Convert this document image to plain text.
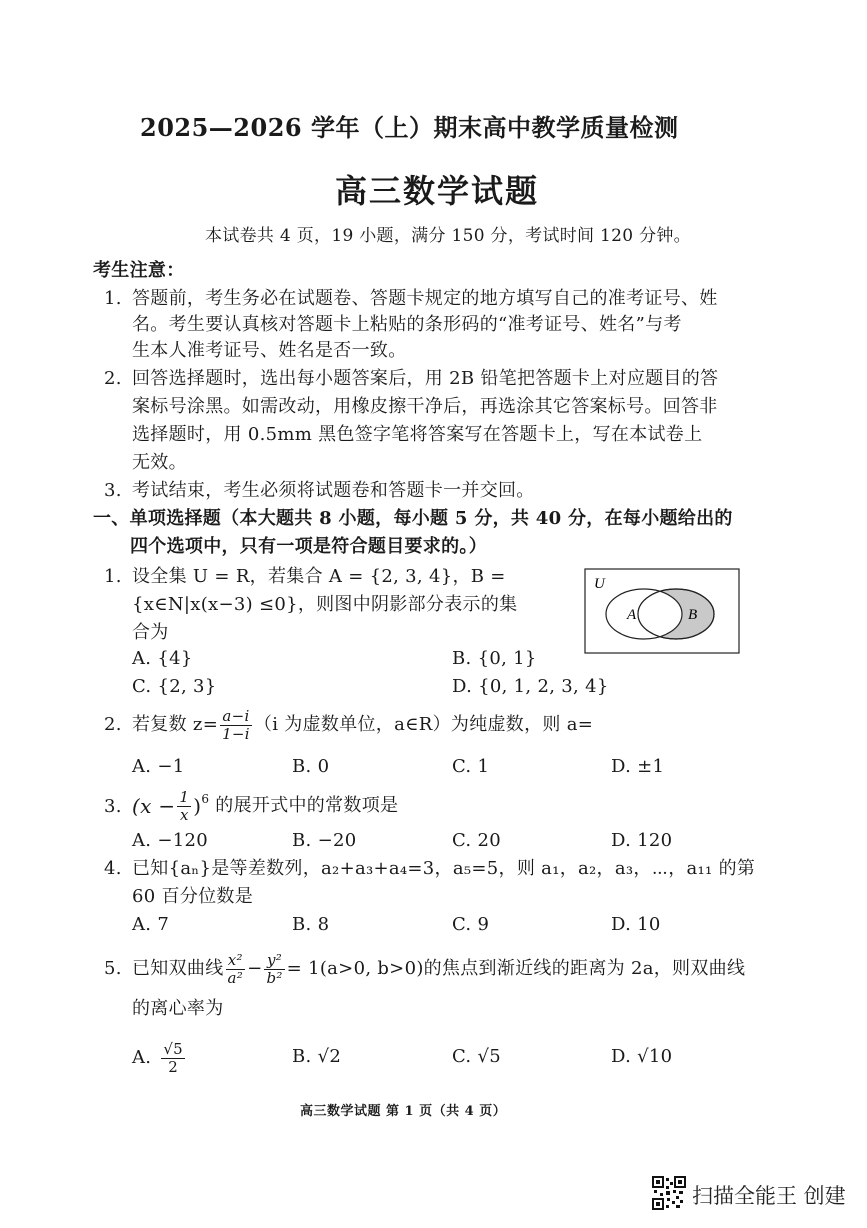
2025—2026 学年（上）期末高中教学质量检测
高三数学试题
本试卷共 4 页，19 小题，满分 150 分，考试时间 120 分钟。
考生注意：
1. 答题前，考生务必在试题卷、答题卡规定的地方填写自己的准考证号、姓
名。考生要认真核对答题卡上粘贴的条形码的“准考证号、姓名”与考
生本人准考证号、姓名是否一致。
2. 回答选择题时，选出每小题答案后，用 2B 铅笔把答题卡上对应题目的答
案标号涂黑。如需改动，用橡皮擦干净后，再选涂其它答案标号。回答非
选择题时，用 0.5mm 黑色签字笔将答案写在答题卡上，写在本试卷上
无效。
3. 考试结束，考生必须将试题卷和答题卡一并交回。
一、单项选择题（本大题共 8 小题，每小题 5 分，共 40 分，在每小题给出的
四个选项中，只有一项是符合题目要求的。）
1. 设全集 U = R，若集合 A = {2, 3, 4}，B =
{x∈N|x(x−3) ≤0}，则图中阴影部分表示的集
合为
U
A	B
A. {4}	B. {0, 1}
C. {2, 3}	D. {0, 1, 2, 3, 4}
2. 若复数 $z= \frac{a-i}{1-i} (i$ 为虚数单位，a∈R）为纯虚数，则 a=
A. −1	B. 0	C. 1	D. ±1
3. ($x - \frac{1}{x}$ ) 6 的展开式中的常数项是
A. −120	B. −20	C. 20	D. 120
4. 已知{aₙ}是等差数列，a₂+a₃+a₄=3，a₅=5，则 a₁，a₂，a₃，⋯，a₁₁ 的第
60 百分位数是
A. 7	B. 8	C. 9	D. 10
5. 已知双曲线 $\frac{\text{x²}}{\text{a²}} - \frac{\text{y²}}{\text{b²}} = 1(a>0$, b>0)的焦点到渐近线的距离为 2a，则双曲线
的离心率为
A. $\frac{√5}{2}$	B. √2	C. √5	D. √10
高三数学试题 第 1 页（共 4 页）
扫描全能王 创建
